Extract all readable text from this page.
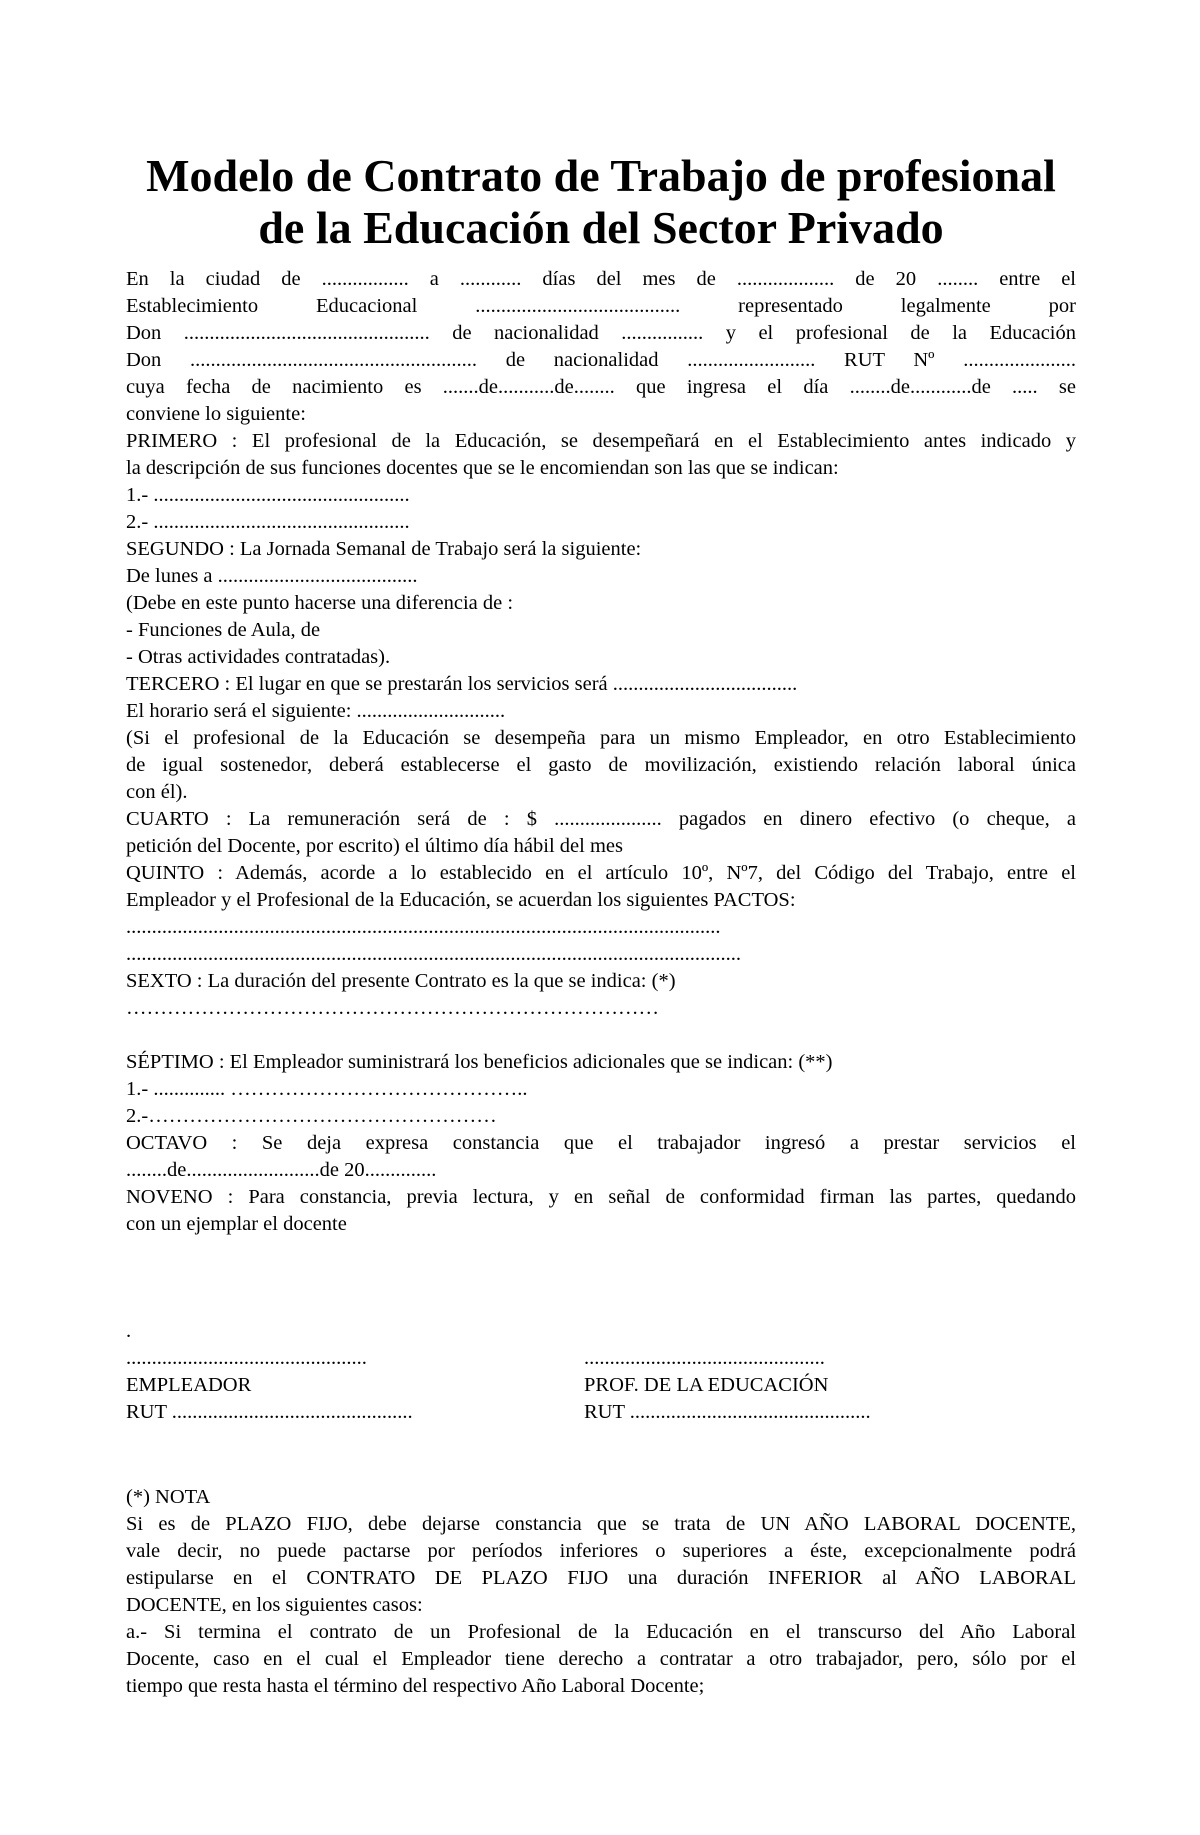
Modelo de Contrato de Trabajo de profesional
de la Educación del Sector Privado
En la ciudad de ................. a ............ días del mes de ................... de 20 ........ entre el
Establecimiento Educacional ........................................ representado legalmente por
Don ................................................ de nacionalidad ................ y el profesional de la Educación
Don ........................................................ de nacionalidad ......................... RUT Nº ......................
cuya fecha de nacimiento es .......de...........de........ que ingresa el día ........de............de ..... se
conviene lo siguiente:
PRIMERO : El profesional de la Educación, se desempeñará en el Establecimiento antes indicado y
la descripción de sus funciones docentes que se le encomiendan son las que se indican:
1.- ..................................................
2.- ..................................................
SEGUNDO : La Jornada Semanal de Trabajo será la siguiente:
De lunes a .......................................
(Debe en este punto hacerse una diferencia de :
- Funciones de Aula, de
- Otras actividades contratadas).
TERCERO : El lugar en que se prestarán los servicios será ....................................
El horario será el siguiente: .............................
(Si el profesional de la Educación se desempeña para un mismo Empleador, en otro Establecimiento
de igual sostenedor, deberá establecerse el gasto de movilización, existiendo relación laboral única
con él).
CUARTO : La remuneración será de : $ ..................... pagados en dinero efectivo (o cheque, a
petición del Docente, por escrito) el último día hábil del mes
QUINTO : Además, acorde a lo establecido en el artículo 10º, Nº7, del Código del Trabajo, entre el
Empleador y el Profesional de la Educación, se acuerdan los siguientes PACTOS:
....................................................................................................................
........................................................................................................................
SEXTO : La duración del presente Contrato es la que se indica: (*)
……………………………………………………………………
SÉPTIMO : El Empleador suministrará los beneficios adicionales que se indican: (**)
1.- .............. ……………………………………..
2.-……………………………………………
OCTAVO : Se deja expresa constancia que el trabajador ingresó a prestar servicios el
........de..........................de 20..............
NOVENO : Para constancia, previa lectura, y en señal de conformidad firman las partes, quedando
con un ejemplar el docente
.
...............................................
EMPLEADOR
RUT ...............................................

...............................................
PROF. DE LA EDUCACIÓN
RUT ...............................................
(*) NOTA
Si es de PLAZO FIJO, debe dejarse constancia que se trata de UN AÑO LABORAL DOCENTE,
vale decir, no puede pactarse por períodos inferiores o superiores a éste, excepcionalmente podrá
estipularse en el CONTRATO DE PLAZO FIJO una duración INFERIOR al AÑO LABORAL
DOCENTE, en los siguientes casos:
a.- Si termina el contrato de un Profesional de la Educación en el transcurso del Año Laboral
Docente, caso en el cual el Empleador tiene derecho a contratar a otro trabajador, pero, sólo por el
tiempo que resta hasta el término del respectivo Año Laboral Docente;
